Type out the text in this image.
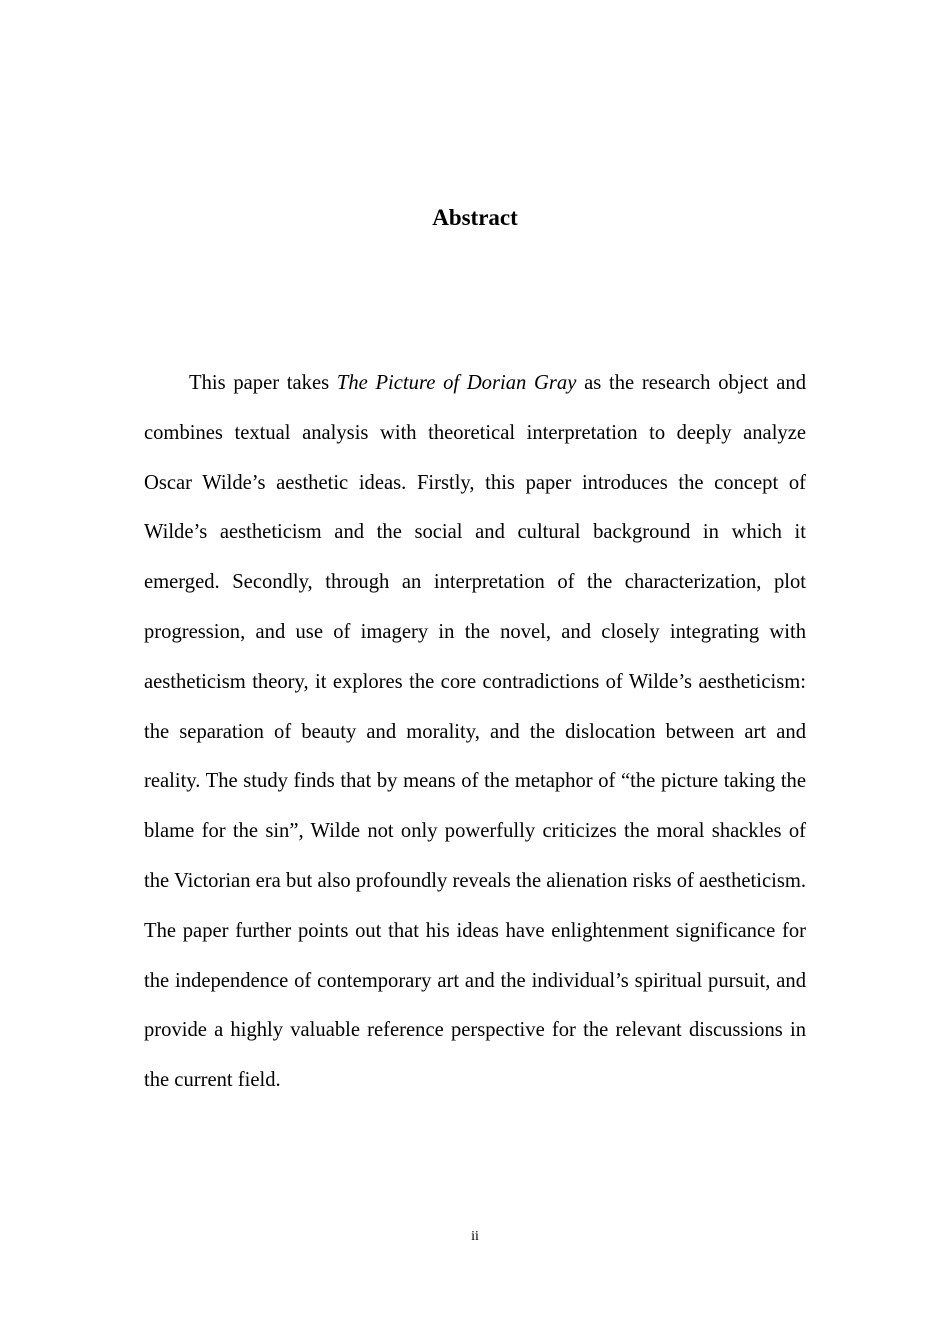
Abstract

This paper takes The Picture of Dorian Gray as the research object and combines textual analysis with theoretical interpretation to deeply analyze Oscar Wilde’s aesthetic ideas. Firstly, this paper introduces the concept of Wilde’s aestheticism and the social and cultural background in which it emerged. Secondly, through an interpretation of the characterization, plot progression, and use of imagery in the novel, and closely integrating with aestheticism theory, it explores the core contradictions of Wilde’s aestheticism: the separation of beauty and morality, and the dislocation between art and reality. The study finds that by means of the metaphor of “the picture taking the blame for the sin”, Wilde not only powerfully criticizes the moral shackles of the Victorian era but also profoundly reveals the alienation risks of aestheticism. The paper further points out that his ideas have enlightenment significance for the independence of contemporary art and the individual’s spiritual pursuit, and provide a highly valuable reference perspective for the relevant discussions in the current field.

ii
